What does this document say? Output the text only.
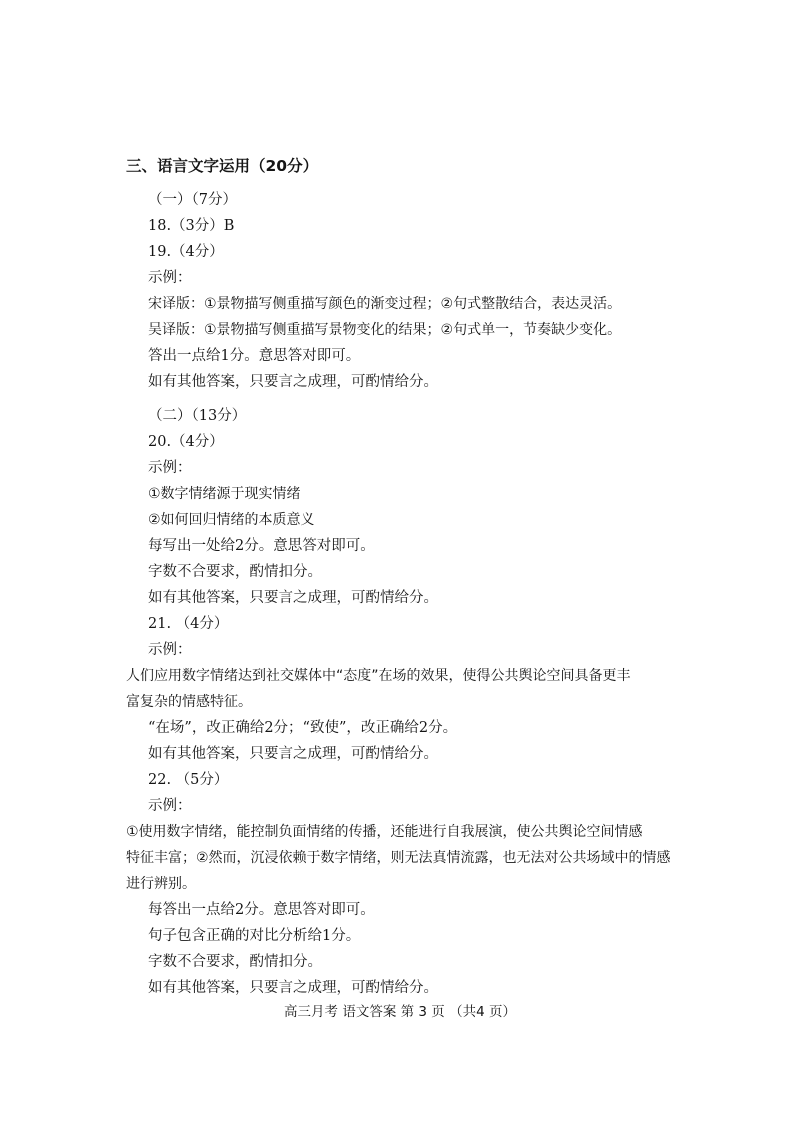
三、语言文字运用（20分）
（一）（7分）
18.（3分）B
19.（4分）
示例：
宋译版：①景物描写侧重描写颜色的渐变过程；②句式整散结合，表达灵活。
吴译版：①景物描写侧重描写景物变化的结果；②句式单一，节奏缺少变化。
答出一点给1分。意思答对即可。
如有其他答案，只要言之成理，可酌情给分。
（二）（13分）
20.（4分）
示例：
①数字情绪源于现实情绪
②如何回归情绪的本质意义
每写出一处给2分。意思答对即可。
字数不合要求，酌情扣分。
如有其他答案，只要言之成理，可酌情给分。
21. （4分）
示例：
人们应用数字情绪达到社交媒体中“态度”在场的效果，使得公共舆论空间具备更丰
富复杂的情感特征。
“在场”，改正确给2分；“致使”，改正确给2分。
如有其他答案，只要言之成理，可酌情给分。
22. （5分）
示例：
①使用数字情绪，能控制负面情绪的传播，还能进行自我展演，使公共舆论空间情感
特征丰富；②然而，沉浸依赖于数字情绪，则无法真情流露，也无法对公共场域中的情感
进行辨别。
每答出一点给2分。意思答对即可。
句子包含正确的对比分析给1分。
字数不合要求，酌情扣分。
如有其他答案，只要言之成理，可酌情给分。
高三月考 语文答案 第 3 页 （共4 页）
